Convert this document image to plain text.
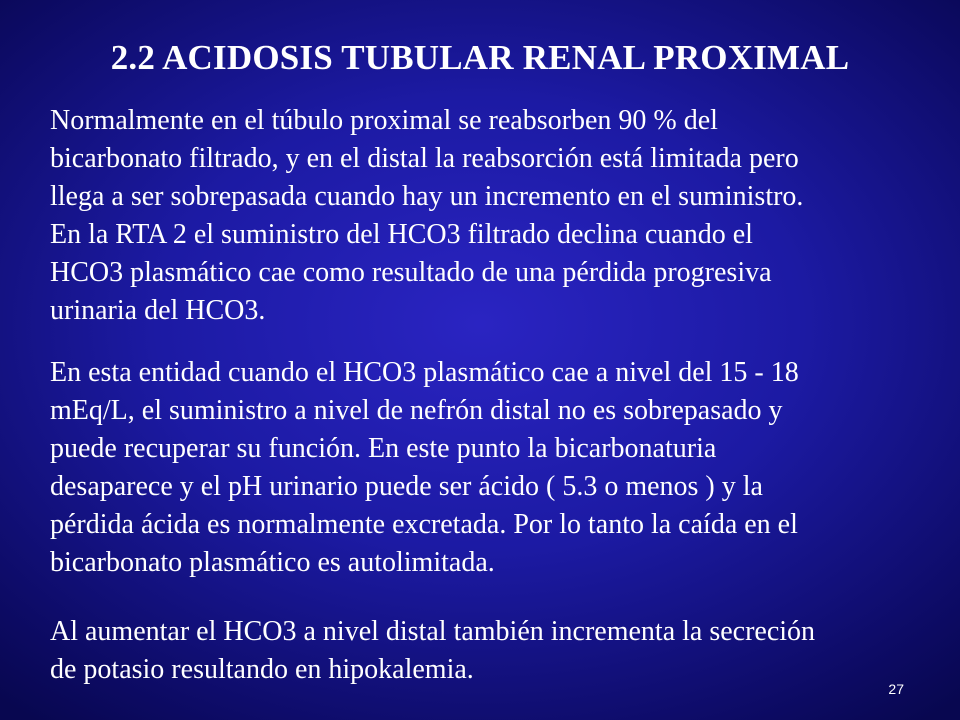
2.2 ACIDOSIS TUBULAR RENAL PROXIMAL

Normalmente en el túbulo proximal se reabsorben 90 % del
bicarbonato filtrado, y en el distal la reabsorción está limitada pero
llega a ser sobrepasada cuando hay un incremento en el suministro.
En la RTA 2 el suministro del HCO3 filtrado declina cuando el
HCO3 plasmático cae como resultado de una pérdida progresiva
urinaria del HCO3.

En esta entidad cuando el HCO3 plasmático cae a nivel del 15 - 18
mEq/L, el suministro a nivel de nefrón distal no es sobrepasado y
puede recuperar su función. En este punto la bicarbonaturia
desaparece y el pH urinario puede ser ácido ( 5.3 o menos ) y la
pérdida ácida es normalmente excretada. Por lo tanto la caída en el
bicarbonato plasmático es autolimitada.

Al aumentar el HCO3 a nivel distal también incrementa la secreción
de potasio resultando en hipokalemia.

27
